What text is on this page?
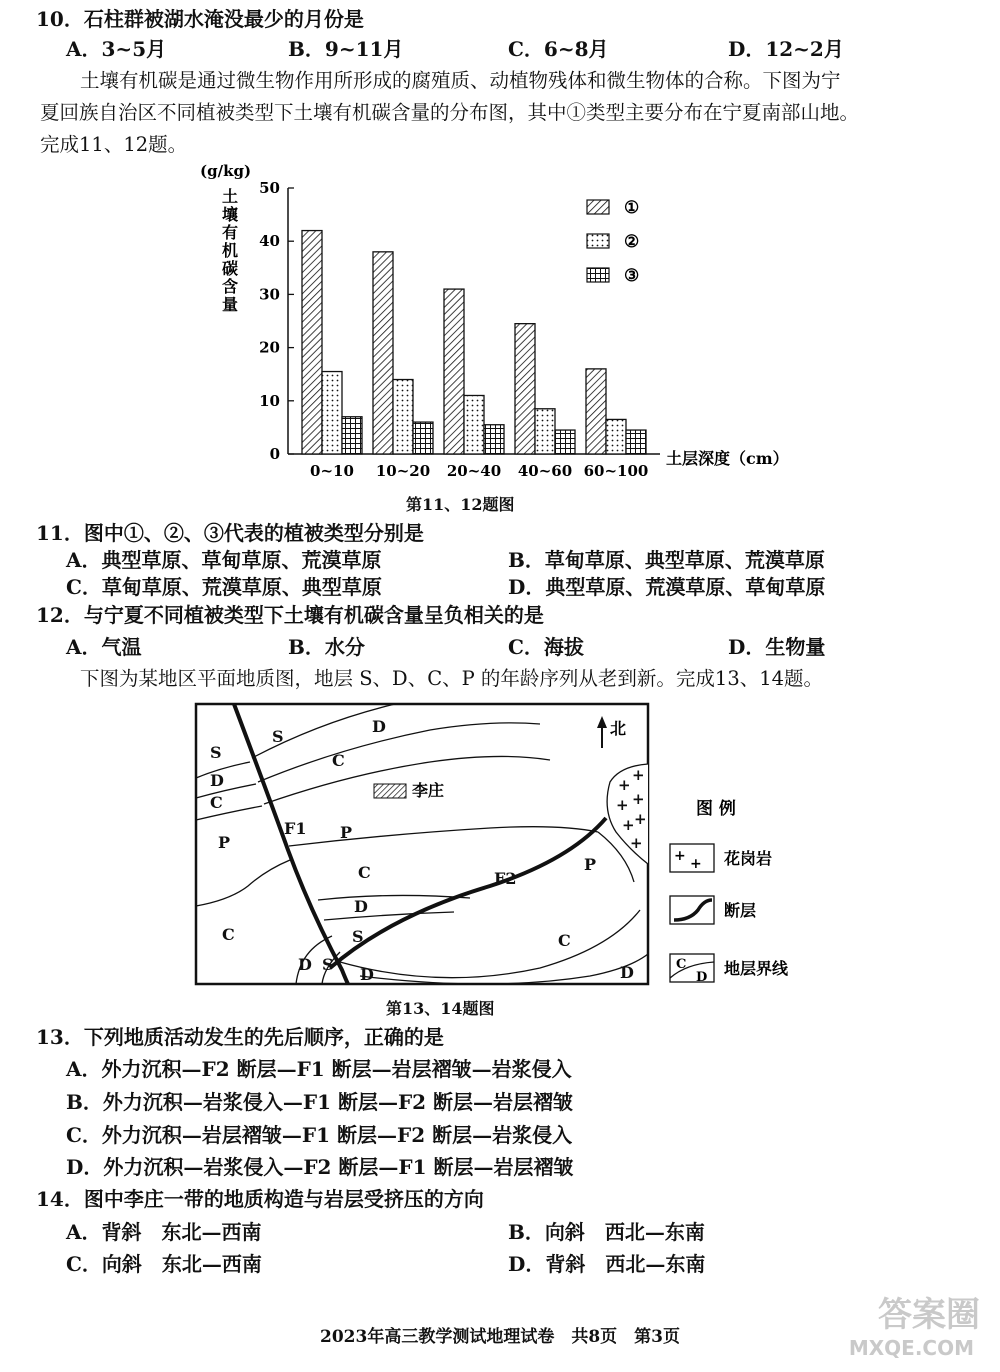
10．石柱群被湖水淹没最少的月份是
A．3~5月	B．9~11月	C．6~8月	D．12~2月
土壤有机碳是通过微生物作用所形成的腐殖质、动植物残体和微生物体的合称。下图为宁
夏回族自治区不同植被类型下土壤有机碳含量的分布图，其中①类型主要分布在宁夏南部山地。
完成11、12题。
(g/kg)
土
壤
有
机
碳
含
量
0
10
20
30
40
50
0~10 10~20 20~40 40~60 60~100
土层深度（cm）
①
②
③
第11、12题图
11．图中①、②、③代表的植被类型分别是
A．典型草原、草甸草原、荒漠草原	B．草甸草原、典型草原、荒漠草原
C．草甸草原、荒漠草原、典型草原	D．典型草原、荒漠草原、草甸草原
12．与宁夏不同植被类型下土壤有机碳含量呈负相关的是
A．气温	B．水分	C．海拔	D．生物量
下图为某地区平面地质图，地层 S、D、C、P 的年龄序列从老到新。完成13、14题。
+
+
+ +
+ +
+
李庄
北
S
S
D
C
D
C
P
F1
P
C	F2
P
D
C	S	C
D S
D	D
图 例
+ + 花岗岩
断层
C
D 地层界线
第13、14题图
13．下列地质活动发生的先后顺序，正确的是
A．外力沉积—F2 断层—F1 断层—岩层褶皱—岩浆侵入
B．外力沉积—岩浆侵入—F1 断层—F2 断层—岩层褶皱
C．外力沉积—岩层褶皱—F1 断层—F2 断层—岩浆侵入
D．外力沉积—岩浆侵入—F2 断层—F1 断层—岩层褶皱
14．图中李庄一带的地质构造与岩层受挤压的方向
A．背斜　东北—西南	B．向斜　西北—东南
C．向斜　东北—西南	D．背斜　西北—东南
2023年高三教学测试地理试卷　共8页　第3页
答案圈
MXQE.COM
